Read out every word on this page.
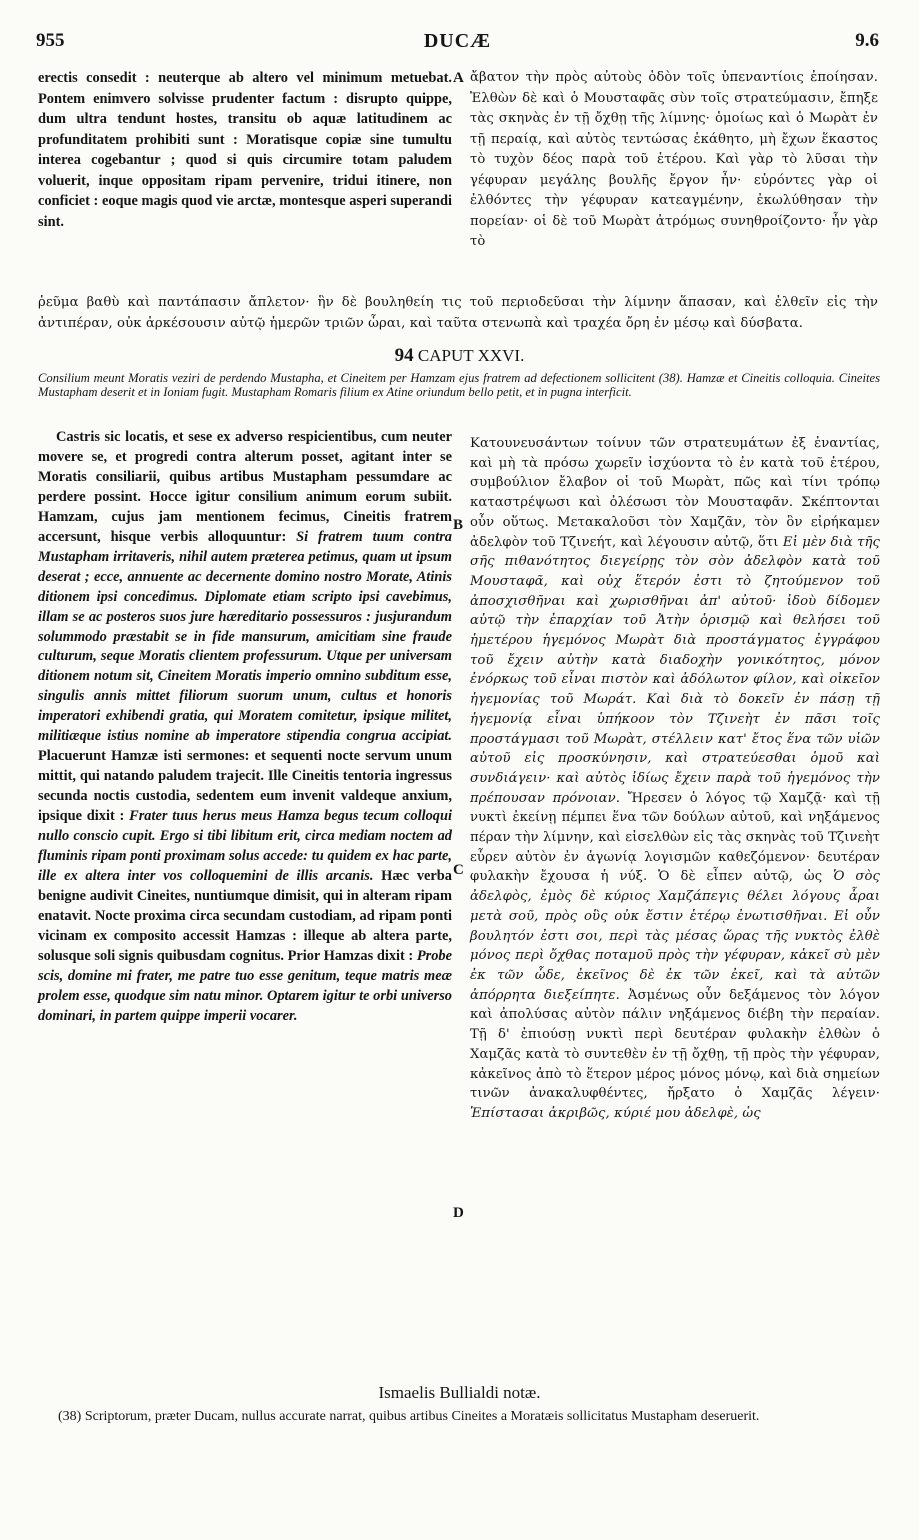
955	DUCÆ	9.6

erectis consedit : neuterque ab altero vel minimum metuebat. Pontem enimvero solvisse prudenter factum : disrupto quippe, dum ultra tendunt hostes, transitu ob aquæ latitudinem ac profunditatem prohibiti sunt : Moratisque copiæ sine tumultu interea cogebantur ; quod si quis circumire totam paludem voluerit, inque oppositam ripam pervenire, tridui itinere, non conficiet : eoque magis quod vie arctæ, montesque asperi superandi sint.

ἄβατον τὴν πρὸς αὐτοὺς ὁδὸν τοῖς ὑπεναντίοις ἐποίησαν. Ἐλθὼν δὲ καὶ ὁ Μουσταφᾶς σὺν τοῖς στρατεύμασιν, ἔπηξε τὰς σκηνὰς ἐν τῇ ὄχθῃ τῆς λίμνης· ὁμοίως καὶ ὁ Μωρὰτ ἐν τῇ περαίᾳ, καὶ αὐτὸς τεντώσας ἐκάθητο, μὴ ἔχων ἕκαστος τὸ τυχὸν δέος παρὰ τοῦ ἑτέρου. Καὶ γὰρ τὸ λῦσαι τὴν γέφυραν μεγάλης βουλῆς ἔργον ἦν· εὑρόντες γὰρ οἱ ἐλθόντες τὴν γέφυραν κατεαγμένην, ἐκωλύθησαν τὴν πορείαν· οἱ δὲ τοῦ Μωρὰτ ἀτρόμως συνηθροίζοντο· ἦν γὰρ τὸ

ῥεῦμα βαθὺ καὶ παντάπασιν ἄπλετον· ἣν δὲ βουληθείη τις τοῦ περιοδεῦσαι τὴν λίμνην ἅπασαν, καὶ ἐλθεῖν εἰς τὴν ἀντιπέραν, οὐκ ἀρκέσουσιν αὐτῷ ἡμερῶν τριῶν ὧραι, καὶ ταῦτα στενωπὰ καὶ τραχέα ὄρη ἐν μέσῳ καὶ δύσβατα.

A
94 CAPUT XXVI.
Consilium meunt Moratis veziri de perdendo Mustapha, et Cineitem per Hamzam ejus fratrem ad defectionem sollicitent (38). Hamzæ et Cineitis colloquia. Cineites Mustapham deserit et in Ioniam fugit. Mustapham Romaris filium ex Atine oriundum bello petit, et in pugna interficit.

Castris sic locatis, et sese ex adverso respicientibus, cum neuter movere se, et progredi contra alterum posset, agitant inter se Moratis consiliarii, quibus artibus Mustapham pessumdare ac perdere possint. Hocce igitur consilium animum eorum subiit. Hamzam, cujus jam mentionem fecimus, Cineitis fratrem accersunt, hisque verbis alloquuntur: Si fratrem tuum contra Mustapham irritaveris, nihil autem præterea petimus, quam ut ipsum deserat ; ecce, annuente ac decernente domino nostro Morate, Atinis ditionem ipsi concedimus. Diplomate etiam scripto ipsi cavebimus, illam se ac posteros suos jure hæreditario possessuros : jusjurandum solummodo præstabit se in fide mansurum, amicitiam sine fraude culturum, seque Moratis clientem professurum. Utque per universam ditionem notum sit, Cineitem Moratis imperio omnino subditum esse, singulis annis mittet filiorum suorum unum, cultus et honoris imperatori exhibendi gratia, qui Moratem comitetur, ipsique militet, militiæque istius nomine ab imperatore stipendia congrua accipiat. Placuerunt Hamzæ isti sermones: et sequenti nocte servum unum mittit, qui natando paludem trajecit. Ille Cineitis tentoria ingressus secunda noctis custodia, sedentem eum invenit valdeque anxium, ipsique dixit : Frater tuus herus meus Hamza begus tecum colloqui nullo conscio cupit. Ergo si tibi libitum erit, circa mediam noctem ad fluminis ripam ponti proximam solus accede: tu quidem ex hac parte, ille ex altera inter vos colloquemini de illis arcanis. Hæc verba benigne audivit Cineites, nuntiumque dimisit, qui in alteram ripam enatavit. Nocte proxima circa secundam custodiam, ad ripam ponti vicinam ex composito accessit Hamzas : illeque ab altera parte, solusque soli signis quibusdam cognitus. Prior Hamzas dixit : Probe scis, domine mi frater, me patre tuo esse genitum, teque matris meæ prolem esse, quodque sim natu minor. Optarem igitur te orbi universo dominari, in partem quippe imperii vocarer.

B
C
D

Κατουνευσάντων τοίνυν τῶν στρατευμάτων ἐξ ἐναντίας, καὶ μὴ τὰ πρόσω χωρεῖν ἰσχύοντα τὸ ἐν κατὰ τοῦ ἑτέρου, συμβούλιον ἔλαβον οἱ τοῦ Μωρὰτ, πῶς καὶ τίνι τρόπῳ καταστρέψωσι καὶ ὀλέσωσι τὸν Μουσταφᾶν. Σκέπτονται οὖν οὕτως. Μετακαλοῦσι τὸν Χαμζᾶν, τὸν ὃν εἰρήκαμεν ἀδελφὸν τοῦ Τζινεήτ, καὶ λέγουσιν αὐτῷ, ὅτι Εἰ μὲν διὰ τῆς σῆς πιθανότητος διεγείρῃς τὸν σὸν ἀδελφὸν κατὰ τοῦ Μουσταφᾶ, καὶ οὐχ ἕτερόν ἐστι τὸ ζητούμενον τοῦ ἀποσχισθῆναι καὶ χωρισθῆναι ἀπ' αὐτοῦ· ἰδοὺ δίδομεν αὐτῷ τὴν ἐπαρχίαν τοῦ Ἀτὴν ὁρισμῷ καὶ θελήσει τοῦ ἡμετέρου ἡγεμόνος Μωρὰτ διὰ προστάγματος ἐγγράφου τοῦ ἔχειν αὐτὴν κατὰ διαδοχὴν γονικότητος, μόνον ἐνόρκως τοῦ εἶναι πιστὸν καὶ ἀδόλωτον φίλον, καὶ οἰκεῖον ἡγεμονίας τοῦ Μωράτ. Καὶ διὰ τὸ δοκεῖν ἐν πάσῃ τῇ ἡγεμονίᾳ εἶναι ὑπήκοον τὸν Τζινεὴτ ἐν πᾶσι τοῖς προστάγμασι τοῦ Μωρὰτ, στέλλειν κατ' ἔτος ἕνα τῶν υἱῶν αὐτοῦ εἰς προσκύνησιν, καὶ στρατεύεσθαι ὁμοῦ καὶ συνδιάγειν· καὶ αὐτὸς ἰδίως ἔχειν παρὰ τοῦ ἡγεμόνος τὴν πρέπουσαν πρόνοιαν. Ἤρεσεν ὁ λόγος τῷ Χαμζᾷ· καὶ τῇ νυκτὶ ἐκείνῃ πέμπει ἕνα τῶν δούλων αὐτοῦ, καὶ νηξάμενος πέραν τὴν λίμνην, καὶ εἰσελθὼν εἰς τὰς σκηνὰς τοῦ Τζινεὴτ εὗρεν αὐτὸν ἐν ἀγωνίᾳ λογισμῶν καθεζόμενον· δευτέραν φυλακὴν ἔχουσα ἡ νύξ. Ὁ δὲ εἶπεν αὐτῷ, ὡς Ὁ σὸς ἀδελφὸς, ἐμὸς δὲ κύριος Χαμζάπεγις θέλει λόγους ἆραι μετὰ σοῦ, πρὸς οὓς οὐκ ἔστιν ἑτέρῳ ἐνωτισθῆναι. Εἰ οὖν βουλητόν ἐστι σοι, περὶ τὰς μέσας ὥρας τῆς νυκτὸς ἐλθὲ μόνος περὶ ὄχθας ποταμοῦ πρὸς τὴν γέφυραν, κἀκεῖ σὺ μὲν ἐκ τῶν ὧδε, ἐκεῖνος δὲ ἐκ τῶν ἐκεῖ, καὶ τὰ αὐτῶν ἀπόρρητα διεξείπητε. Ἀσμένως οὖν δεξάμενος τὸν λόγον καὶ ἀπολύσας αὐτὸν πάλιν νηξάμενος διέβη τὴν περαίαν. Τῇ δ' ἐπιούσῃ νυκτὶ περὶ δευτέραν φυλακὴν ἐλθὼν ὁ Χαμζᾶς κατὰ τὸ συντεθὲν ἐν τῇ ὄχθῃ, τῇ πρὸς τὴν γέφυραν, κἀκεῖνος ἀπὸ τὸ ἕτερον μέρος μόνος μόνῳ, καὶ διὰ σημείων τινῶν ἀνακαλυφθέντες, ἤρξατο ὁ Χαμζᾶς λέγειν· Ἐπίστασαι ἀκριβῶς, κύριέ μου ἀδελφὲ, ὡς

Ismaelis Bullialdi notæ.
(38) Scriptorum, præter Ducam, nullus accurate narrat, quibus artibus Cineites a Moratæis sollicitatus Mustapham deseruerit.
